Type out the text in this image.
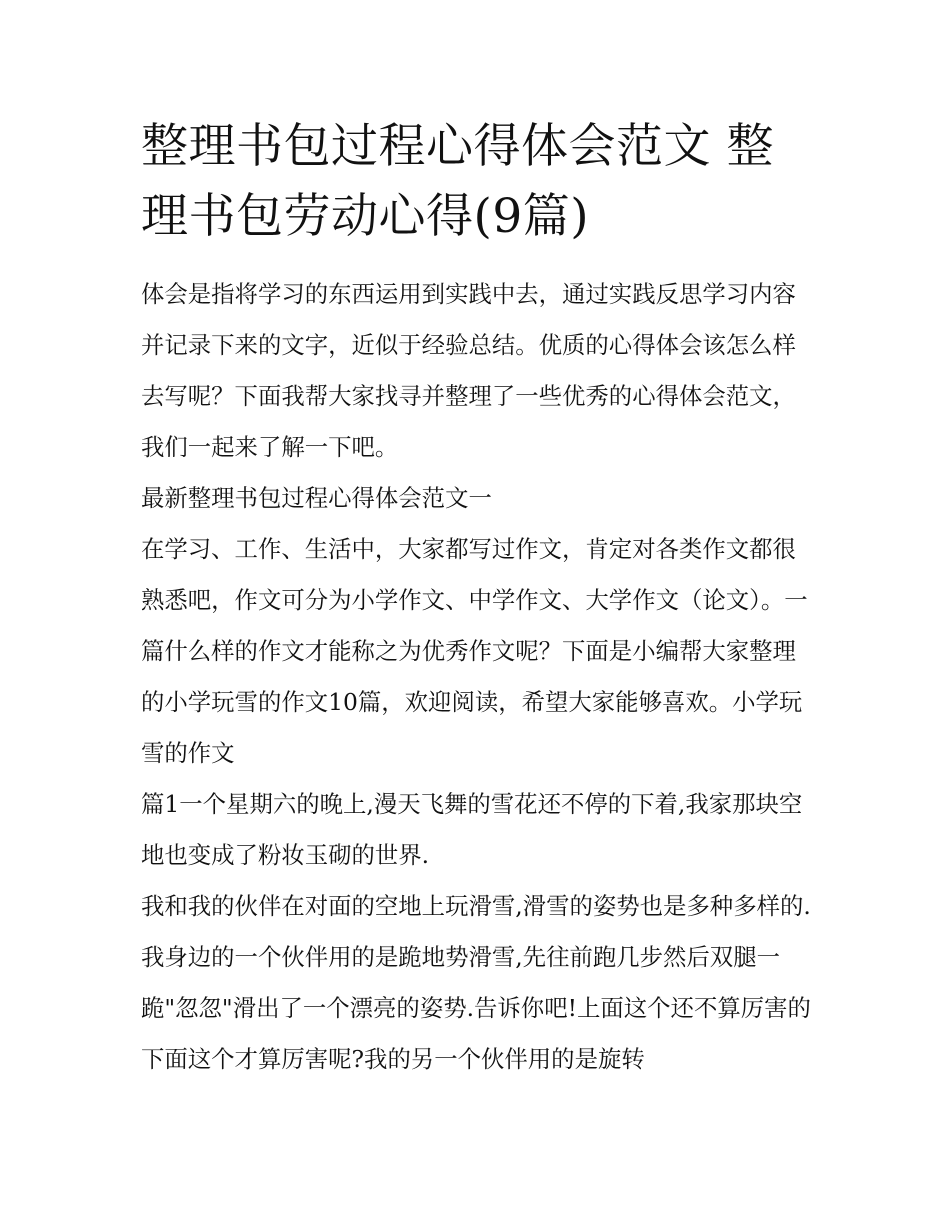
整理书包过程心得体会范文 整理书包劳动心得(9篇)

体会是指将学习的东西运用到实践中去，通过实践反思学习内容并记录下来的文字，近似于经验总结。优质的心得体会该怎么样去写呢？下面我帮大家找寻并整理了一些优秀的心得体会范文，我们一起来了解一下吧。

最新整理书包过程心得体会范文一

在学习、工作、生活中，大家都写过作文，肯定对各类作文都很熟悉吧，作文可分为小学作文、中学作文、大学作文（论文）。一篇什么样的作文才能称之为优秀作文呢？下面是小编帮大家整理的小学玩雪的作文10篇，欢迎阅读，希望大家能够喜欢。小学玩雪的作文

篇1一个星期六的晚上,漫天飞舞的雪花还不停的下着,我家那块空地也变成了粉妆玉砌的世界.

我和我的伙伴在对面的空地上玩滑雪,滑雪的姿势也是多种多样的.我身边的一个伙伴用的是跪地势滑雪,先往前跑几步然后双腿一跪"忽忽"滑出了一个漂亮的姿势.告诉你吧!上面这个还不算厉害的下面这个才算厉害呢?我的另一个伙伴用的是旋转
